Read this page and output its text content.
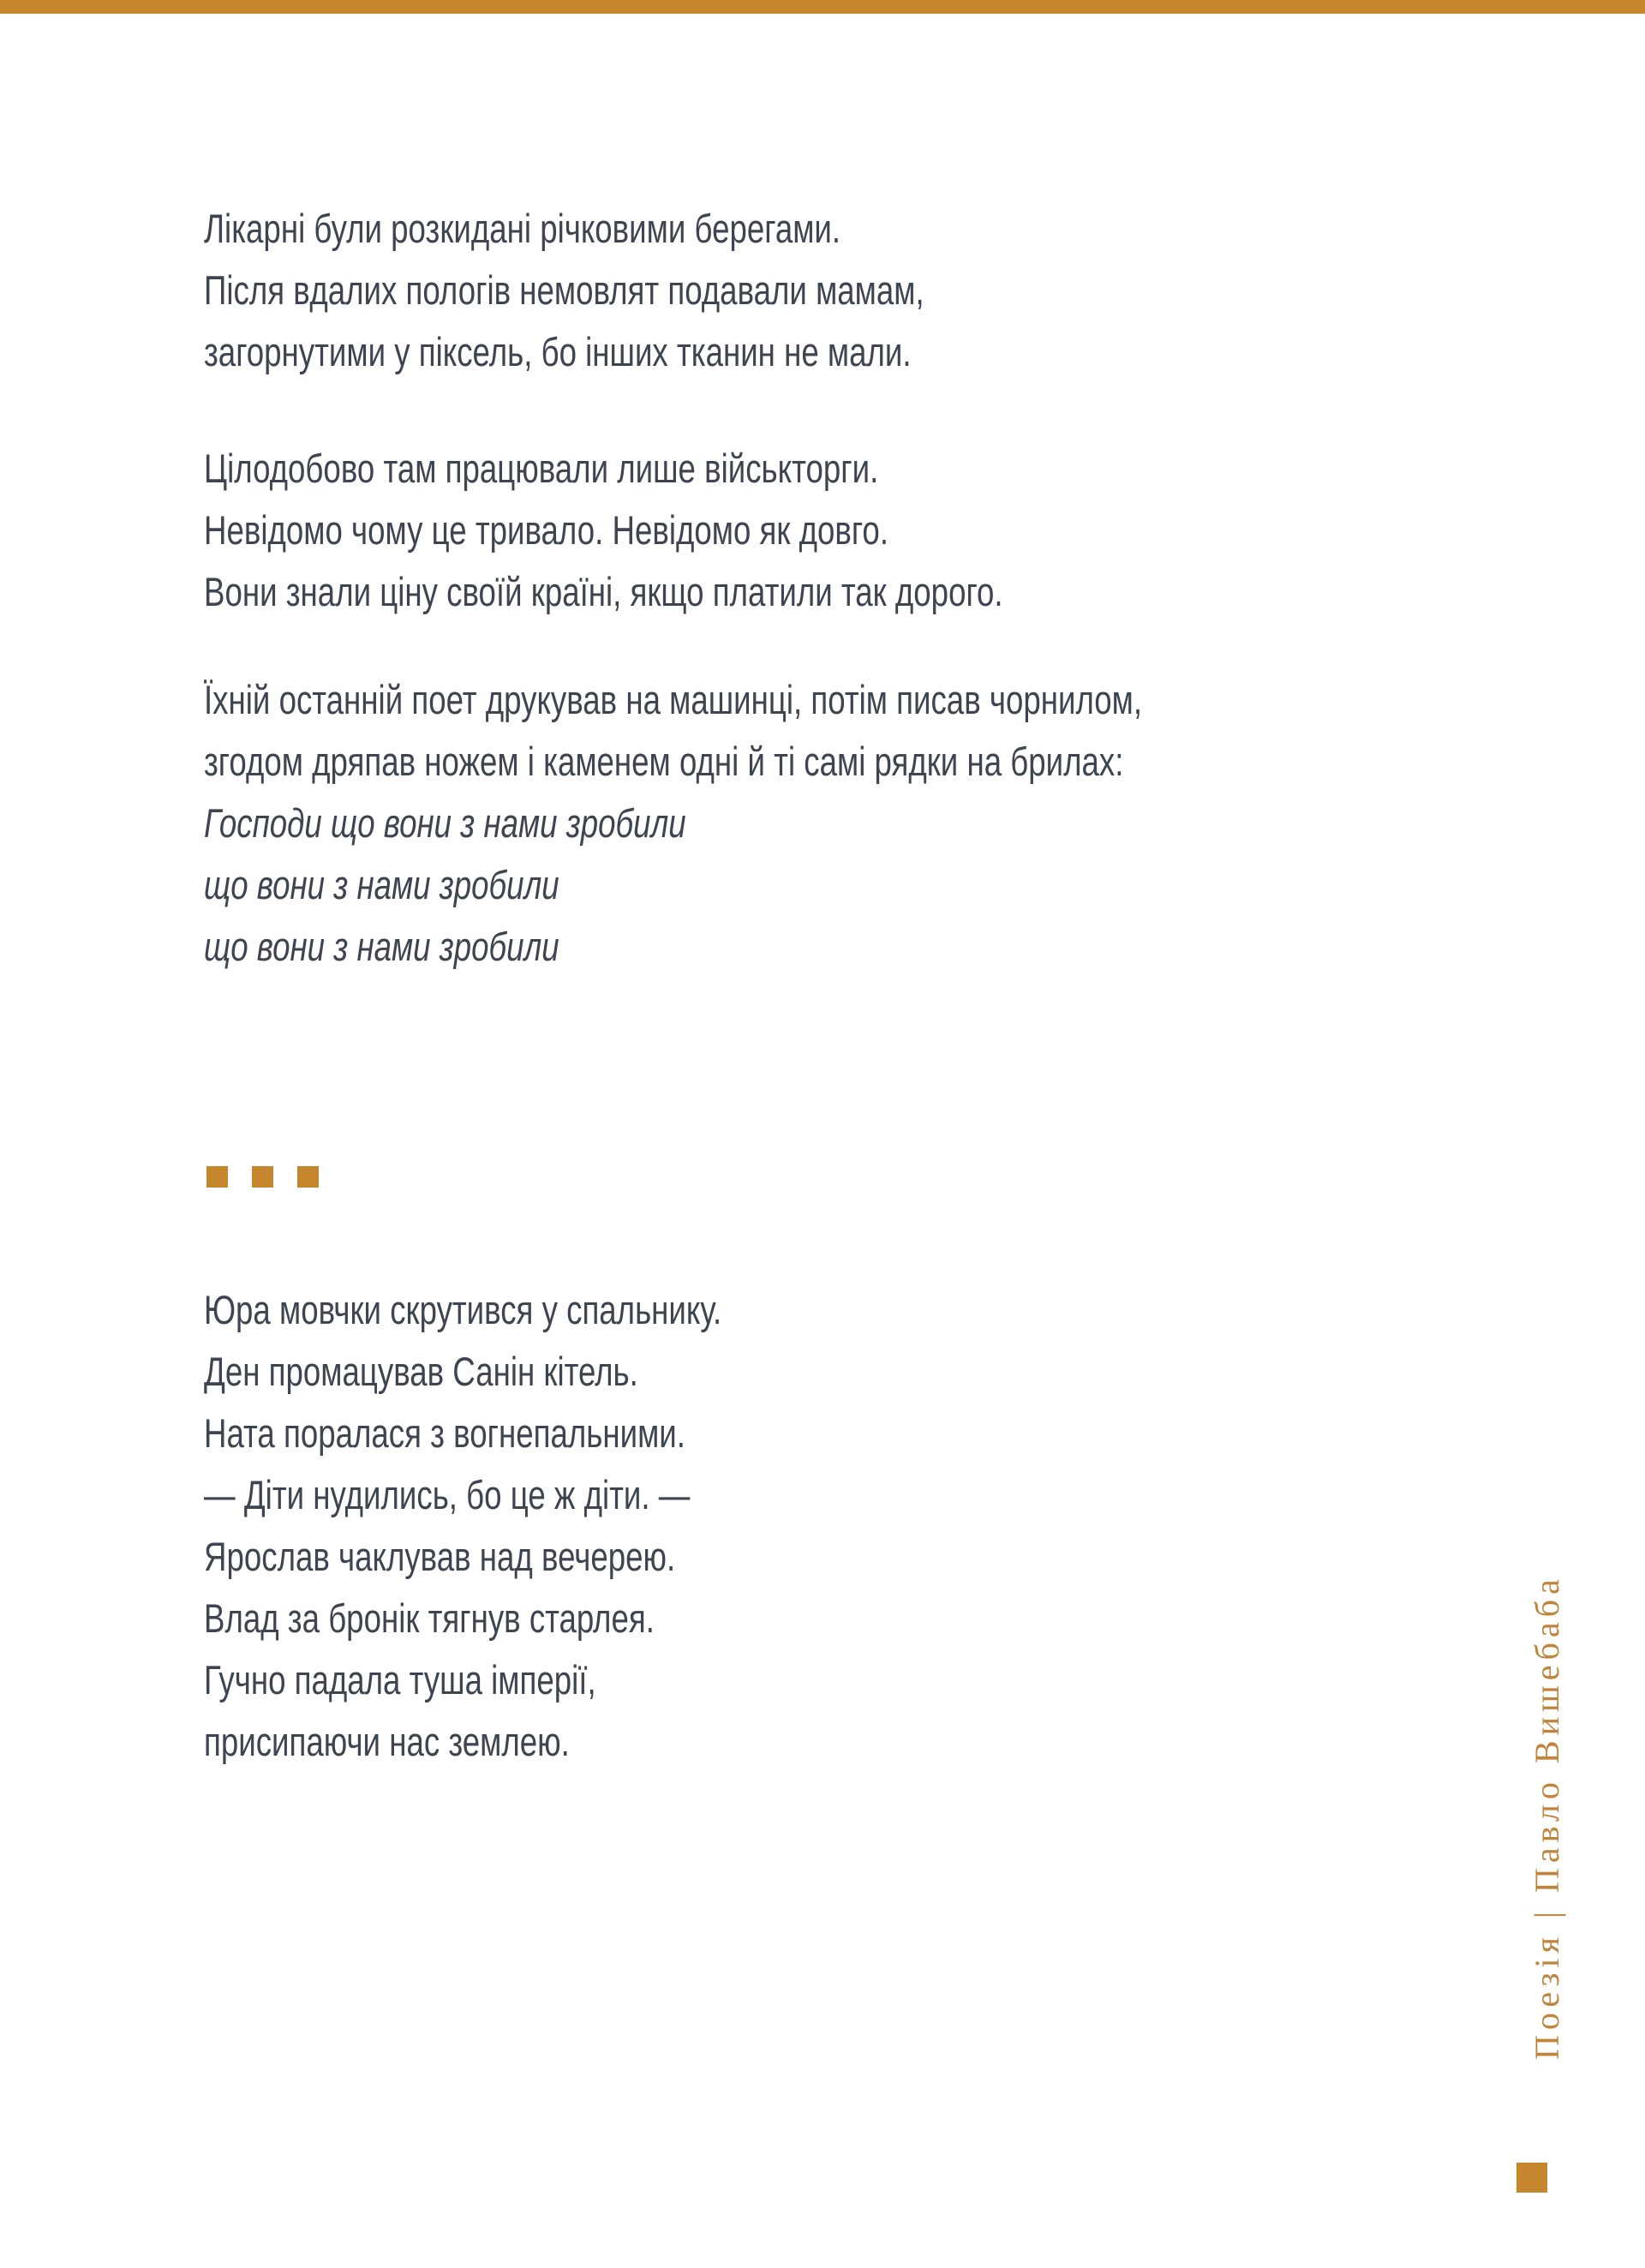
Лікарні були розкидані річковими берегами.
Після вдалих пологів немовлят подавали мамам,
загорнутими у піксель, бо інших тканин не мали.
Цілодобово там працювали лише військторги.
Невідомо чому це тривало. Невідомо як довго.
Вони знали ціну своїй країні, якщо платили так дорого.
Їхній останній поет друкував на машинці, потім писав чорнилом,
згодом дряпав ножем і каменем одні й ті самі рядки на брилах:
Господи що вони з нами зробили
що вони з нами зробили
що вони з нами зробили
Юра мовчки скрутився у спальнику.
Ден промацував Санін кітель.
Ната поралася з вогнепальними.
— Діти нудились, бо це ж діти. —
Ярослав чаклував над вечерею.
Влад за бронік тягнув старлея.
Гучно падала туша імперії,
присипаючи нас землею.	Поезія | Павло Вишебаба
